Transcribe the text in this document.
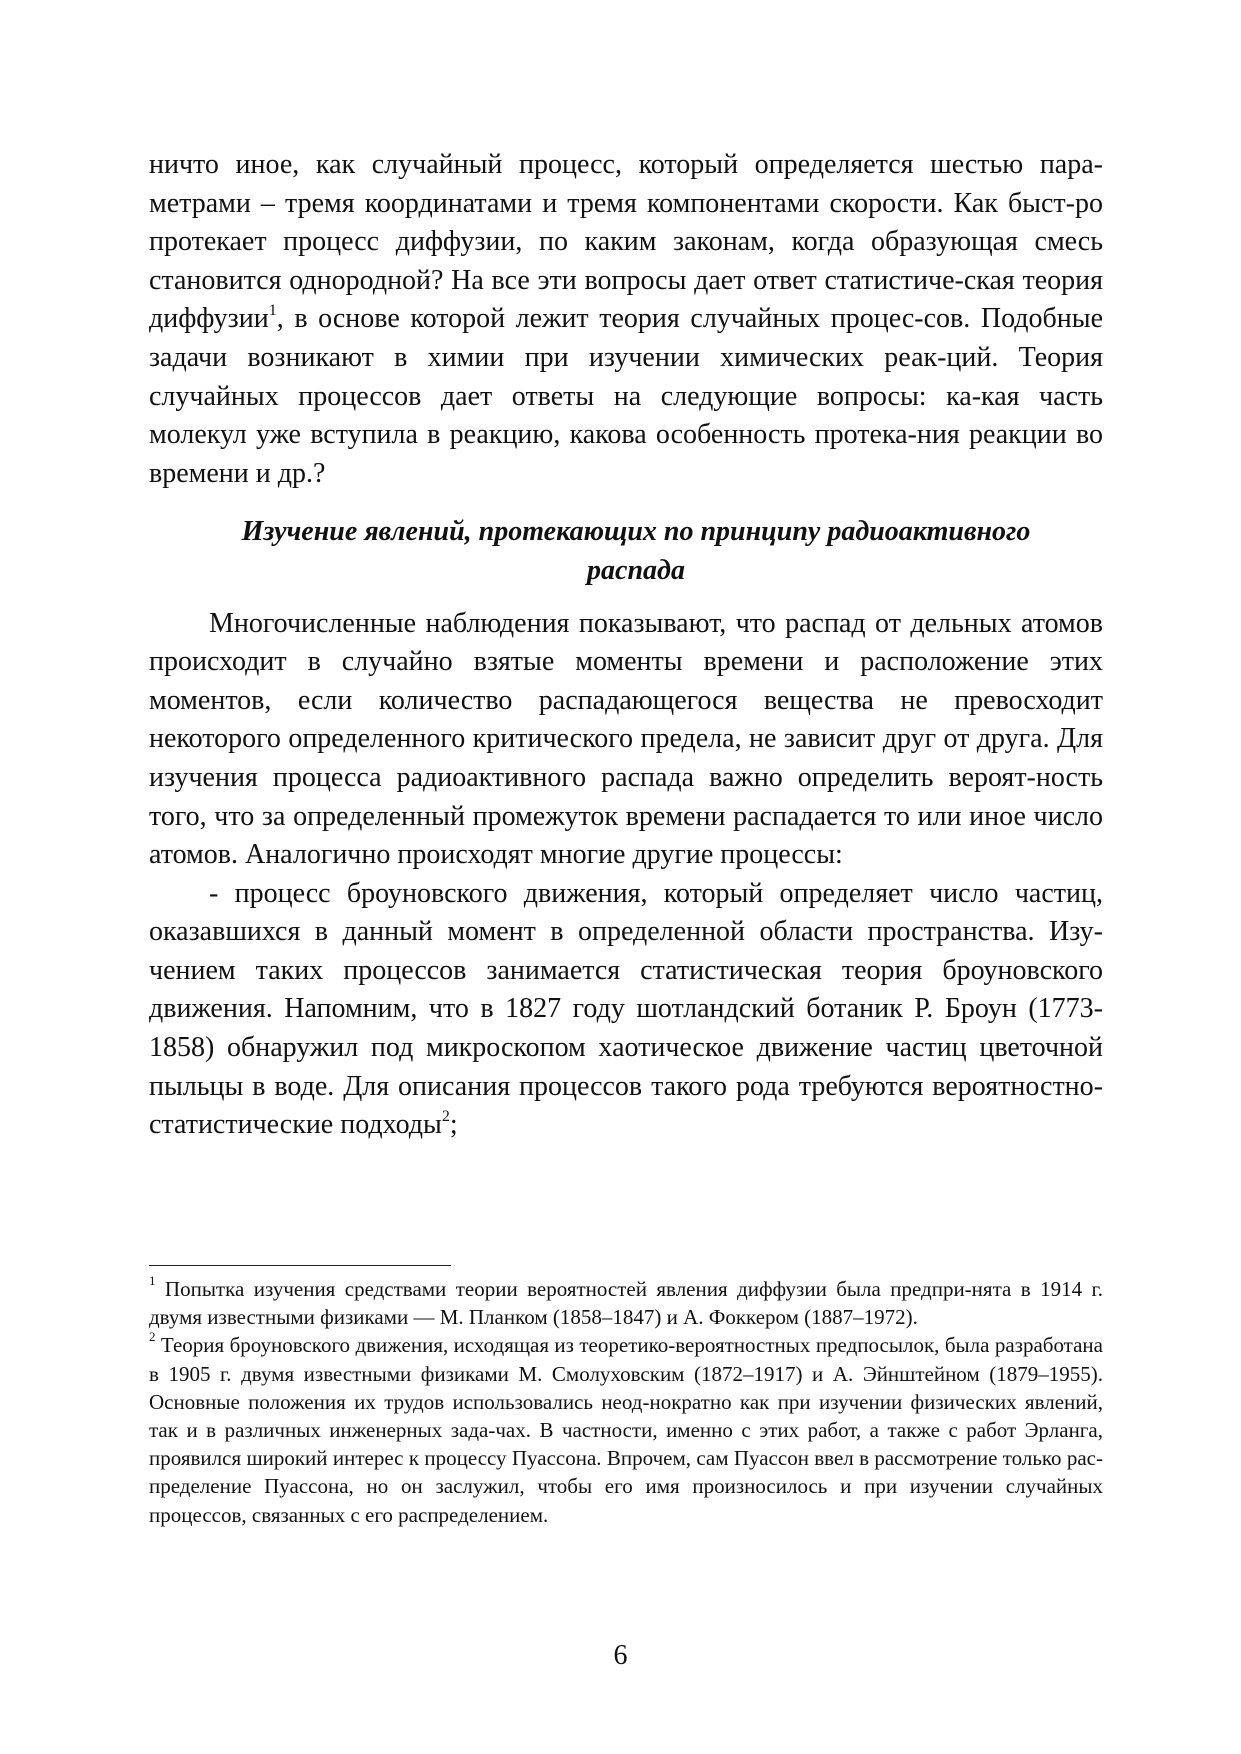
ничто иное, как случайный процесс, который определяется шестью пара-метрами – тремя координатами и тремя компонентами скорости. Как быст-ро протекает процесс диффузии, по каким законам, когда образующая смесь становится однородной? На все эти вопросы дает ответ статистиче-ская теория диффузии$^1$, в основе которой лежит теория случайных процес-сов. Подобные задачи возникают в химии при изучении химических реак-ций. Теория случайных процессов дает ответы на следующие вопросы: ка-кая часть молекул уже вступила в реакцию, какова особенность протека-ния реакции во времени и др.?

Изучение явлений, протекающих по принципу радиоактивного
распада

Многочисленные наблюдения показывают, что распад от дельных атомов происходит в случайно взятые моменты времени и расположение этих моментов, если количество распадающегося вещества не превосходит некоторого определенного критического предела, не зависит друг от друга. Для изучения процесса радиоактивного распада важно определить вероят-ность того, что за определенный промежуток времени распадается то или иное число атомов. Аналогично происходят многие другие процессы:

- процесс броуновского движения, который определяет число частиц, оказавшихся в данный момент в определенной области пространства. Изу-чением таких процессов занимается статистическая теория броуновского движения. Напомним, что в 1827 году шотландский ботаник Р. Броун (1773-1858) обнаружил под микроскопом хаотическое движение частиц цветочной пыльцы в воде. Для описания процессов такого рода требуются вероятностно-статистические подходы$^2$;

$^1$ Попытка изучения средствами теории вероятностей явления диффузии была предпри-нята в 1914 г. двумя известными физиками — М. Планком (1858–1847) и А. Фоккером (1887–1972).

$^2$ Теория броуновского движения, исходящая из теоретико-вероятностных предпосылок, была разработана в 1905 г. двумя известными физиками М. Смолуховским (1872–1917) и А. Эйнштейном (1879–1955). Основные положения их трудов использовались неод-нократно как при изучении физических явлений, так и в различных инженерных зада-чах. В частности, именно с этих работ, а также с работ Эрланга, проявился широкий интерес к процессу Пуассона. Впрочем, сам Пуассон ввел в рассмотрение только рас-пределение Пуассона, но он заслужил, чтобы его имя произносилось и при изучении случайных процессов, связанных с его распределением.

6
